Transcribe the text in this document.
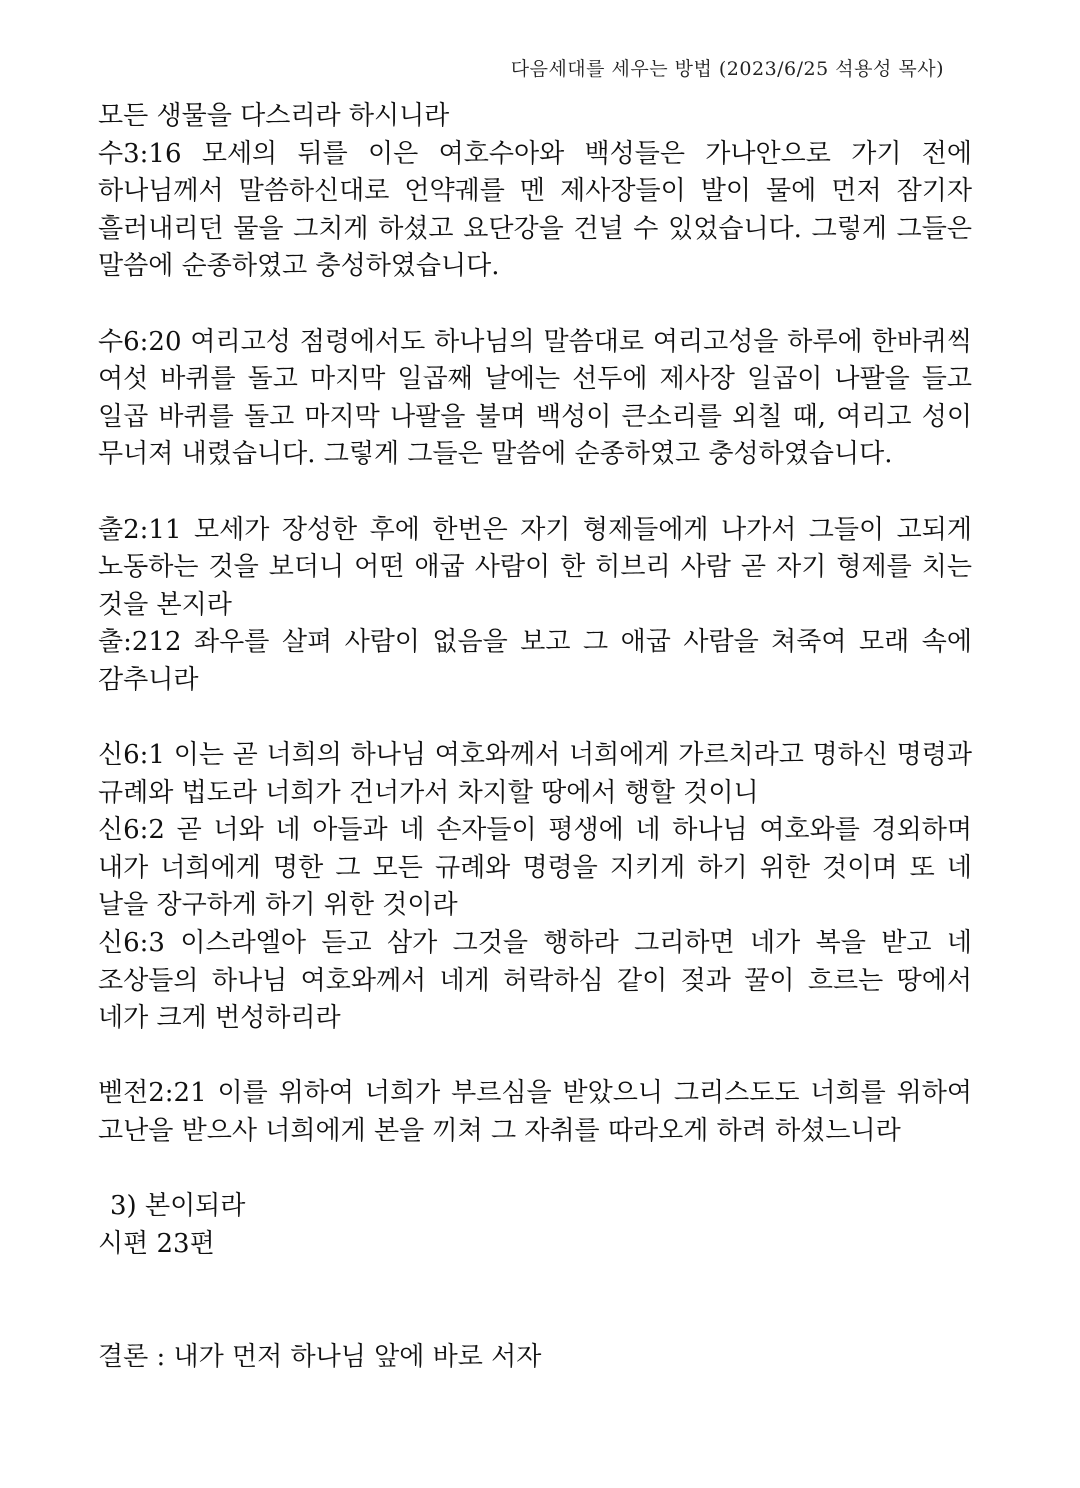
다음세대를 세우는 방법 (2023/6/25 석용성 목사)

모든 생물을 다스리라 하시니라

수3:16 모세의 뒤를 이은 여호수아와 백성들은 가나안으로 가기 전에 하나님께서 말씀하신대로 언약궤를 멘 제사장들이 발이 물에 먼저 잠기자 흘러내리던 물을 그치게 하셨고 요단강을 건널 수 있었습니다. 그렇게 그들은 말씀에 순종하였고 충성하였습니다.

수6:20 여리고성 점령에서도 하나님의 말씀대로 여리고성을 하루에 한바퀴씩 여섯 바퀴를 돌고 마지막 일곱째 날에는 선두에 제사장 일곱이 나팔을 들고 일곱 바퀴를 돌고 마지막 나팔을 불며 백성이 큰소리를 외칠 때, 여리고 성이 무너져 내렸습니다. 그렇게 그들은 말씀에 순종하였고 충성하였습니다.

출2:11 모세가 장성한 후에 한번은 자기 형제들에게 나가서 그들이 고되게 노동하는 것을 보더니 어떤 애굽 사람이 한 히브리 사람 곧 자기 형제를 치는 것을 본지라

출:212 좌우를 살펴 사람이 없음을 보고 그 애굽 사람을 쳐죽여 모래 속에 감추니라

신6:1 이는 곧 너희의 하나님 여호와께서 너희에게 가르치라고 명하신 명령과 규례와 법도라 너희가 건너가서 차지할 땅에서 행할 것이니

신6:2 곧 너와 네 아들과 네 손자들이 평생에 네 하나님 여호와를 경외하며 내가 너희에게 명한 그 모든 규례와 명령을 지키게 하기 위한 것이며 또 네 날을 장구하게 하기 위한 것이라

신6:3 이스라엘아 듣고 삼가 그것을 행하라 그리하면 네가 복을 받고 네 조상들의 하나님 여호와께서 네게 허락하심 같이 젖과 꿀이 흐르는 땅에서 네가 크게 번성하리라

벧전2:21 이를 위하여 너희가 부르심을 받았으니 그리스도도 너희를 위하여 고난을 받으사 너희에게 본을 끼쳐 그 자취를 따라오게 하려 하셨느니라

3) 본이되라

시편 23편

결론 : 내가 먼저 하나님 앞에 바로 서자
